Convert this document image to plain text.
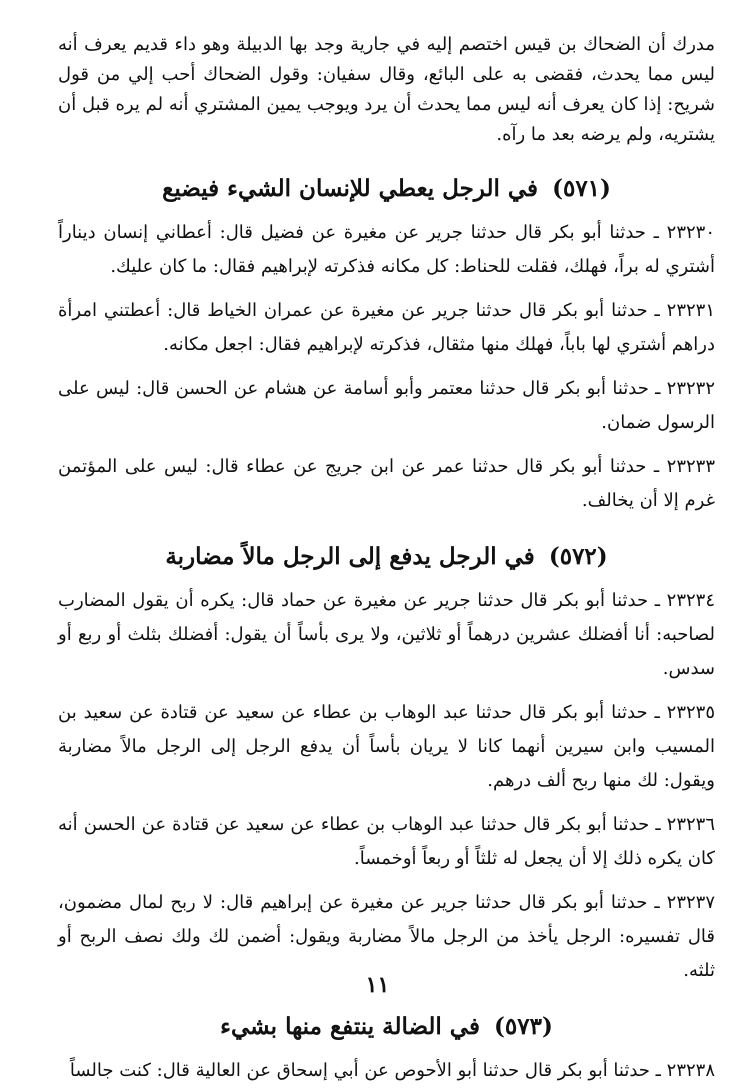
مدرك أن الضحاك بن قيس اختصم إليه في جارية وجد بها الدبيلة وهو داء قديم يعرف أنه ليس مما يحدث، فقضى به على البائع، وقال سفيان: وقول الضحاك أحب إلي من قول شريح: إذا كان يعرف أنه ليس مما يحدث أن يرد ويوجب يمين المشتري أنه لم يره قبل أن يشتريه، ولم يرضه بعد ما رآه.

(٥٧١) في الرجل يعطي للإنسان الشيء فيضيع

٢٣٢٣٠ ـ حدثنا أبو بكر قال حدثنا جرير عن مغيرة عن فضيل قال: أعطاني إنسان ديناراً أشتري له براً، فهلك، فقلت للحناط: كل مكانه فذكرته لإبراهيم فقال: ما كان عليك.

٢٣٢٣١ ـ حدثنا أبو بكر قال حدثنا جرير عن مغيرة عن عمران الخياط قال: أعطتني امرأة دراهم أشتري لها باباً، فهلك منها مثقال، فذكرته لإبراهيم فقال: اجعل مكانه.

٢٣٢٣٢ ـ حدثنا أبو بكر قال حدثنا معتمر وأبو أسامة عن هشام عن الحسن قال: ليس على الرسول ضمان.

٢٣٢٣٣ ـ حدثنا أبو بكر قال حدثنا عمر عن ابن جريج عن عطاء قال: ليس على المؤتمن غرم إلا أن يخالف.

(٥٧٢) في الرجل يدفع إلى الرجل مالاً مضاربة

٢٣٢٣٤ ـ حدثنا أبو بكر قال حدثنا جرير عن مغيرة عن حماد قال: يكره أن يقول المضارب لصاحبه: أنا أفضلك عشرين درهماً أو ثلاثين، ولا يرى بأساً أن يقول: أفضلك بثلث أو ربع أو سدس.

٢٣٢٣٥ ـ حدثنا أبو بكر قال حدثنا عبد الوهاب بن عطاء عن سعيد عن قتادة عن سعيد بن المسيب وابن سيرين أنهما كانا لا يريان بأساً أن يدفع الرجل إلى الرجل مالاً مضاربة ويقول: لك منها ربح ألف درهم.

٢٣٢٣٦ ـ حدثنا أبو بكر قال حدثنا عبد الوهاب بن عطاء عن سعيد عن قتادة عن الحسن أنه كان يكره ذلك إلا أن يجعل له ثلثاً أو ربعاً أوخمساً.

٢٣٢٣٧ ـ حدثنا أبو بكر قال حدثنا جرير عن مغيرة عن إبراهيم قال: لا ربح لمال مضمون، قال تفسيره: الرجل يأخذ من الرجل مالاً مضاربة ويقول: أضمن لك ولك نصف الربح أو ثلثه.

(٥٧٣) في الضالة ينتفع منها بشيء

٢٣٢٣٨ ـ حدثنا أبو بكر قال حدثنا أبو الأحوص عن أبي إسحاق عن العالية قال: كنت جالساً

١١
